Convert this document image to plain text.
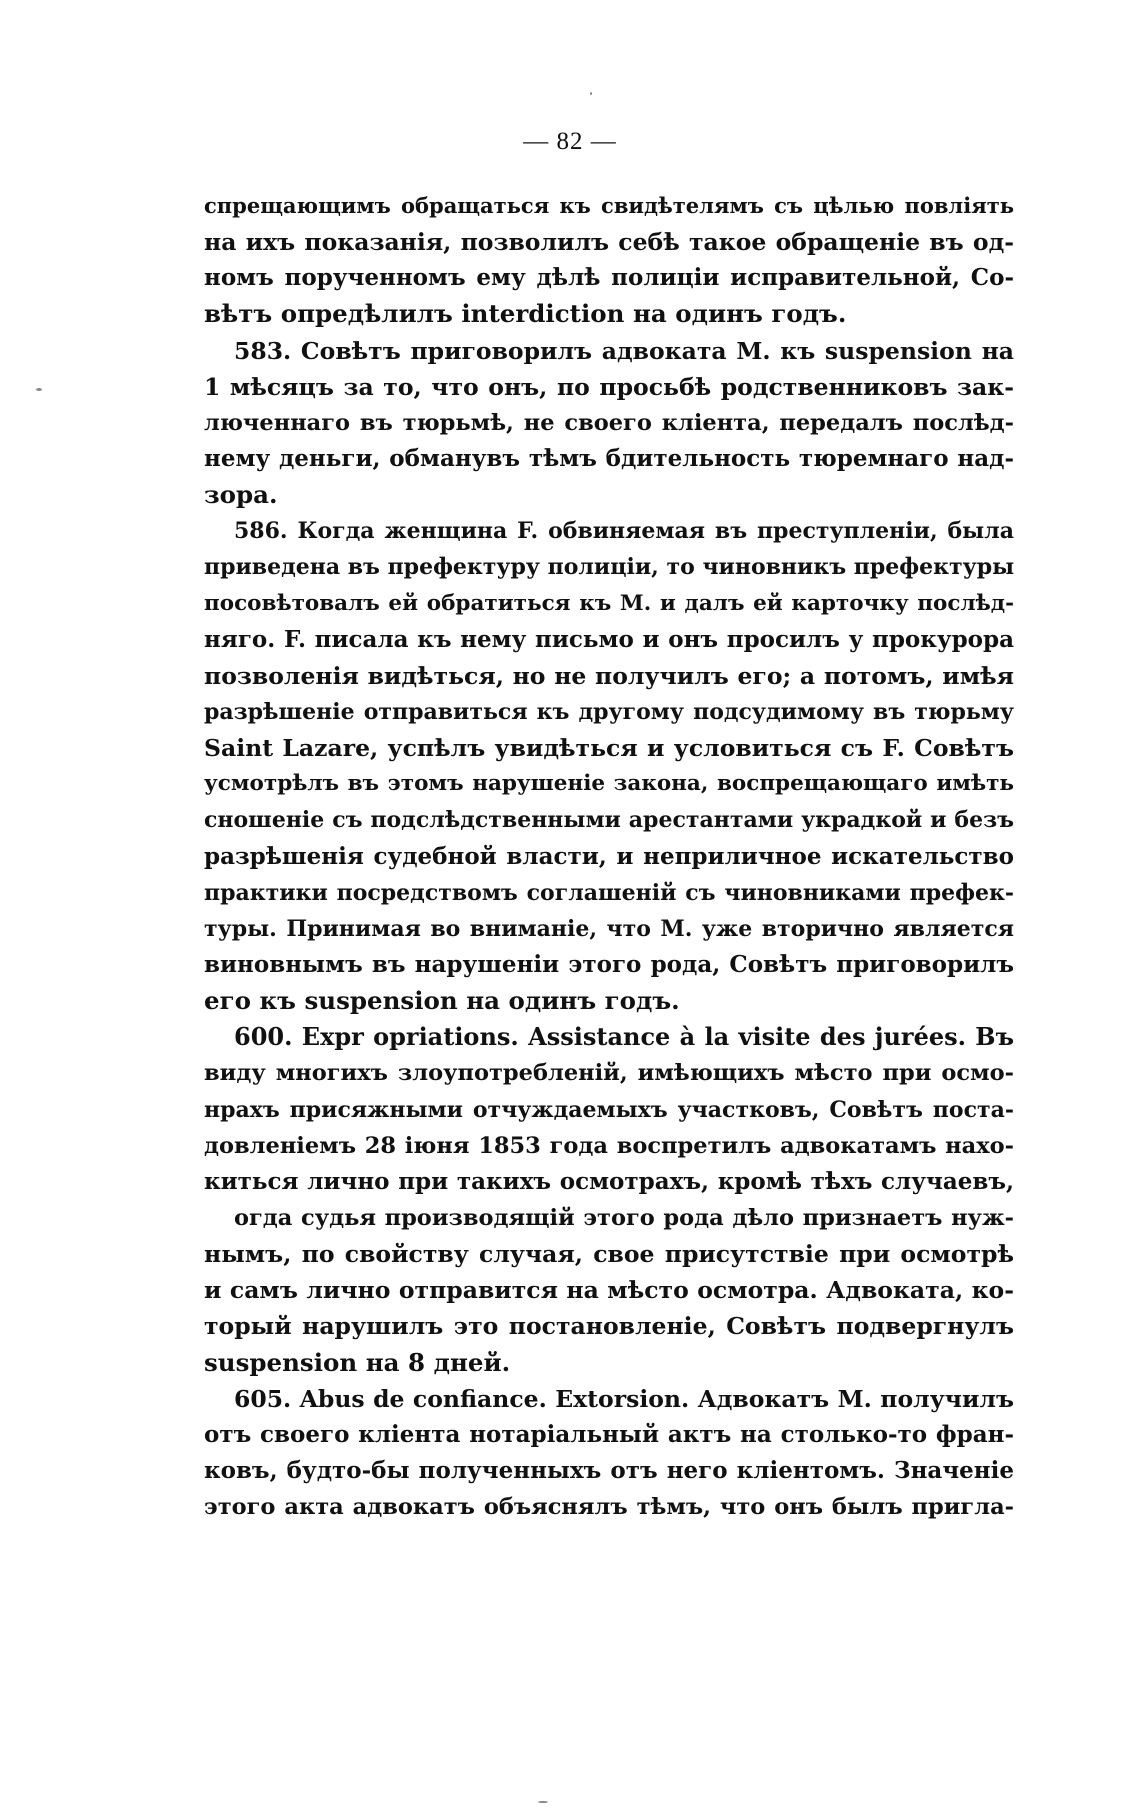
— 82 —
спрещающимъ обращаться къ свидѣтелямъ съ цѣлью повліять
на ихъ показанія, позволилъ себѣ такое обращеніе въ од-
номъ порученномъ ему дѣлѣ полиціи исправительной, Со-
вѣтъ опредѣлилъ interdiction на одинъ годъ.
583. Совѣтъ приговорилъ адвоката М. къ suspension на
1 мѣсяцъ за то, что онъ, по просьбѣ родственниковъ зак-
люченнаго въ тюрьмѣ, не своего кліента, передалъ послѣд-
нему деньги, обманувъ тѣмъ бдительность тюремнаго над-
зора.
586. Когда женщина F. обвиняемая въ преступленіи, была
приведена въ префектуру полиціи, то чиновникъ префектуры
посовѣтовалъ ей обратиться къ М. и далъ ей карточку послѣд-
няго. F. писала къ нему письмо и онъ просилъ у прокурора
позволенія видѣться, но не получилъ его; а потомъ, имѣя
разрѣшеніе отправиться къ другому подсудимому въ тюрьму
Saint Lazare, успѣлъ увидѣться и условиться съ F. Совѣтъ
усмотрѣлъ въ этомъ нарушеніе закона, воспрещающаго имѣть
сношеніе съ подслѣдственными арестантами украдкой и безъ
разрѣшенія судебной власти, и неприличное искательство
практики посредствомъ соглашеній съ чиновниками префек-
туры. Принимая во вниманіе, что М. уже вторично является
виновнымъ въ нарушеніи этого рода, Совѣтъ приговорилъ
его къ suspension на одинъ годъ.
600. Expr opriations. Assistance à la visite des jurées. Въ
виду многихъ злоупотребленій, имѣющихъ мѣсто при осмо-
нрахъ присяжными отчуждаемыхъ участковъ, Совѣтъ поста-
довленіемъ 28 іюня 1853 года воспретилъ адвокатамъ нахо-
киться лично при такихъ осмотрахъ, кромѣ тѣхъ случаевъ,
огда судья производящій этого рода дѣло признаетъ нуж-
нымъ, по свойству случая, свое присутствіе при осмотрѣ
и самъ лично отправится на мѣсто осмотра. Адвоката, ко-
торый нарушилъ это постановленіе, Совѣтъ подвергнулъ
suspension на 8 дней.
605. Abus de confiance. Extorsion. Адвокатъ М. получилъ
отъ своего кліента нотаріальный актъ на столько-то фран-
ковъ, будто-бы полученныхъ отъ него кліентомъ. Значеніе
этого акта адвокатъ объяснялъ тѣмъ, что онъ былъ пригла-
